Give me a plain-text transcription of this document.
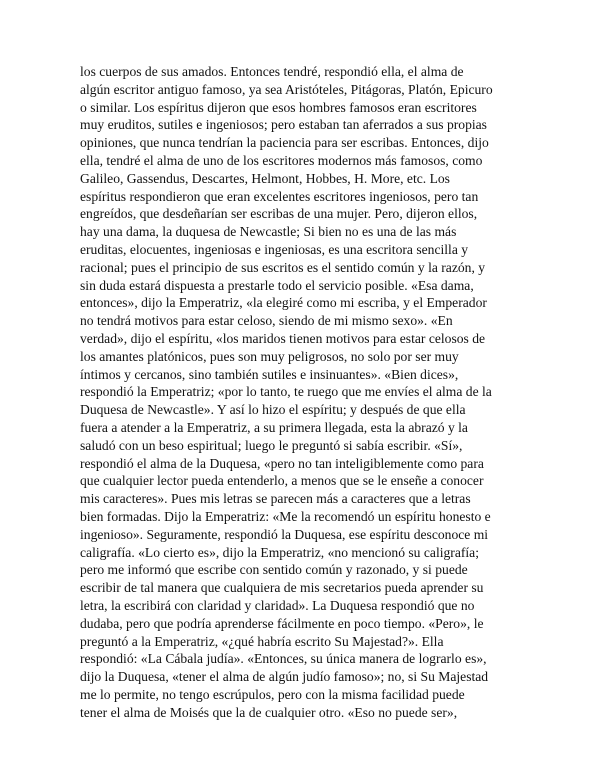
los cuerpos de sus amados. Entonces tendré, respondió ella, el alma de
algún escritor antiguo famoso, ya sea Aristóteles, Pitágoras, Platón, Epicuro
o similar. Los espíritus dijeron que esos hombres famosos eran escritores
muy eruditos, sutiles e ingeniosos; pero estaban tan aferrados a sus propias
opiniones, que nunca tendrían la paciencia para ser escribas. Entonces, dijo
ella, tendré el alma de uno de los escritores modernos más famosos, como
Galileo, Gassendus, Descartes, Helmont, Hobbes, H. More, etc. Los
espíritus respondieron que eran excelentes escritores ingeniosos, pero tan
engreídos, que desdeñarían ser escribas de una mujer. Pero, dijeron ellos,
hay una dama, la duquesa de Newcastle; Si bien no es una de las más
eruditas, elocuentes, ingeniosas e ingeniosas, es una escritora sencilla y
racional; pues el principio de sus escritos es el sentido común y la razón, y
sin duda estará dispuesta a prestarle todo el servicio posible. «Esa dama,
entonces», dijo la Emperatriz, «la elegiré como mi escriba, y el Emperador
no tendrá motivos para estar celoso, siendo de mi mismo sexo». «En
verdad», dijo el espíritu, «los maridos tienen motivos para estar celosos de
los amantes platónicos, pues son muy peligrosos, no solo por ser muy
íntimos y cercanos, sino también sutiles e insinuantes». «Bien dices»,
respondió la Emperatriz; «por lo tanto, te ruego que me envíes el alma de la
Duquesa de Newcastle». Y así lo hizo el espíritu; y después de que ella
fuera a atender a la Emperatriz, a su primera llegada, esta la abrazó y la
saludó con un beso espiritual; luego le preguntó si sabía escribir. «Sí»,
respondió el alma de la Duquesa, «pero no tan inteligiblemente como para
que cualquier lector pueda entenderlo, a menos que se le enseñe a conocer
mis caracteres». Pues mis letras se parecen más a caracteres que a letras
bien formadas. Dijo la Emperatriz: «Me la recomendó un espíritu honesto e
ingenioso». Seguramente, respondió la Duquesa, ese espíritu desconoce mi
caligrafía. «Lo cierto es», dijo la Emperatriz, «no mencionó su caligrafía;
pero me informó que escribe con sentido común y razonado, y si puede
escribir de tal manera que cualquiera de mis secretarios pueda aprender su
letra, la escribirá con claridad y claridad». La Duquesa respondió que no
dudaba, pero que podría aprenderse fácilmente en poco tiempo. «Pero», le
preguntó a la Emperatriz, «¿qué habría escrito Su Majestad?». Ella
respondió: «La Cábala judía». «Entonces, su única manera de lograrlo es»,
dijo la Duquesa, «tener el alma de algún judío famoso»; no, si Su Majestad
me lo permite, no tengo escrúpulos, pero con la misma facilidad puede
tener el alma de Moisés que la de cualquier otro. «Eso no puede ser»,
